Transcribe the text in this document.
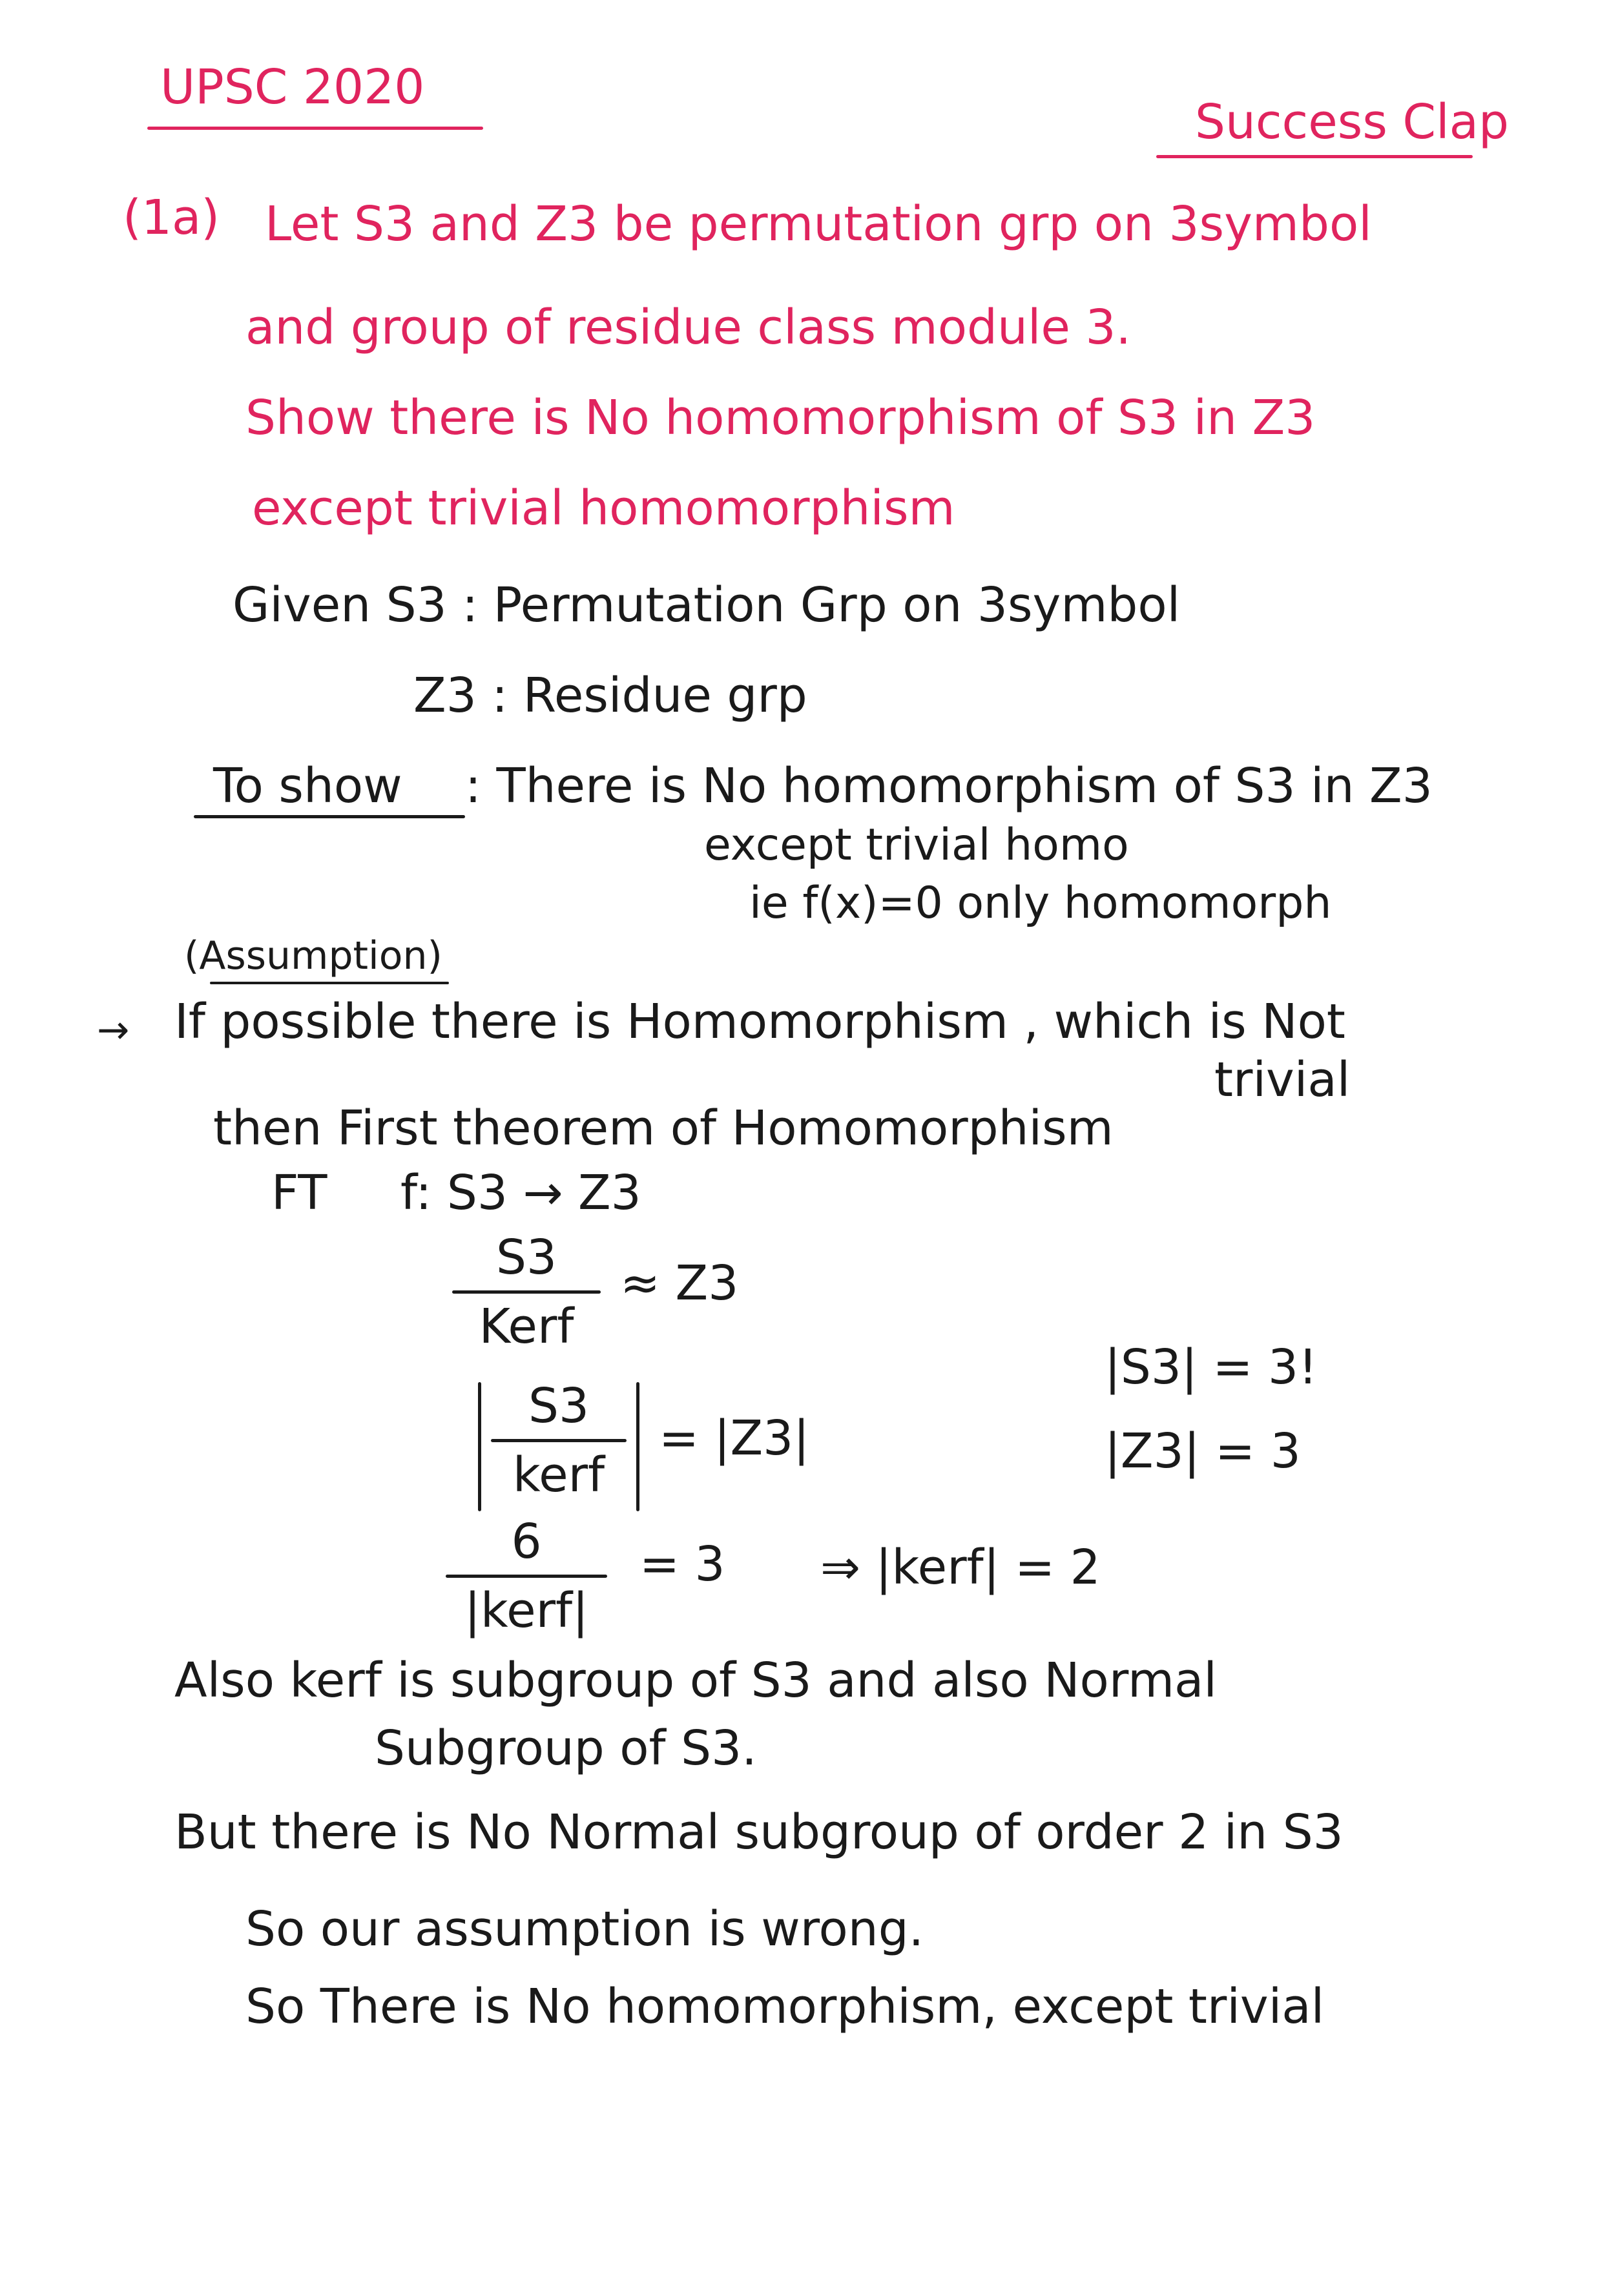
UPSC 2020
Success Clap
(1a) Let S3 and Z3 be permutation grp on 3symbol
and group of residue class module 3.
Show there is No homomorphism of S3 in Z3
except trivial homomorphism
Given S3 : Permutation Grp on 3symbol
Z3 : Residue grp
To show : There is No homomorphism of S3 in Z3
except trivial homo
ie f(x)=0 only homomorph
(Assumption)
→ If possible there is Homomorphism , which is Not
trivial
then First theorem of Homomorphism
FT f: S3 → Z3
S3
Kerf
≈ Z3
S3
kerf
= |Z3|
|S3| = 3!
|Z3| = 3
6
|kerf|
= 3 ⇒ |kerf| = 2
Also kerf is subgroup of S3 and also Normal
Subgroup of S3.
But there is No Normal subgroup of order 2 in S3
So our assumption is wrong.
So There is No homomorphism, except trivial
